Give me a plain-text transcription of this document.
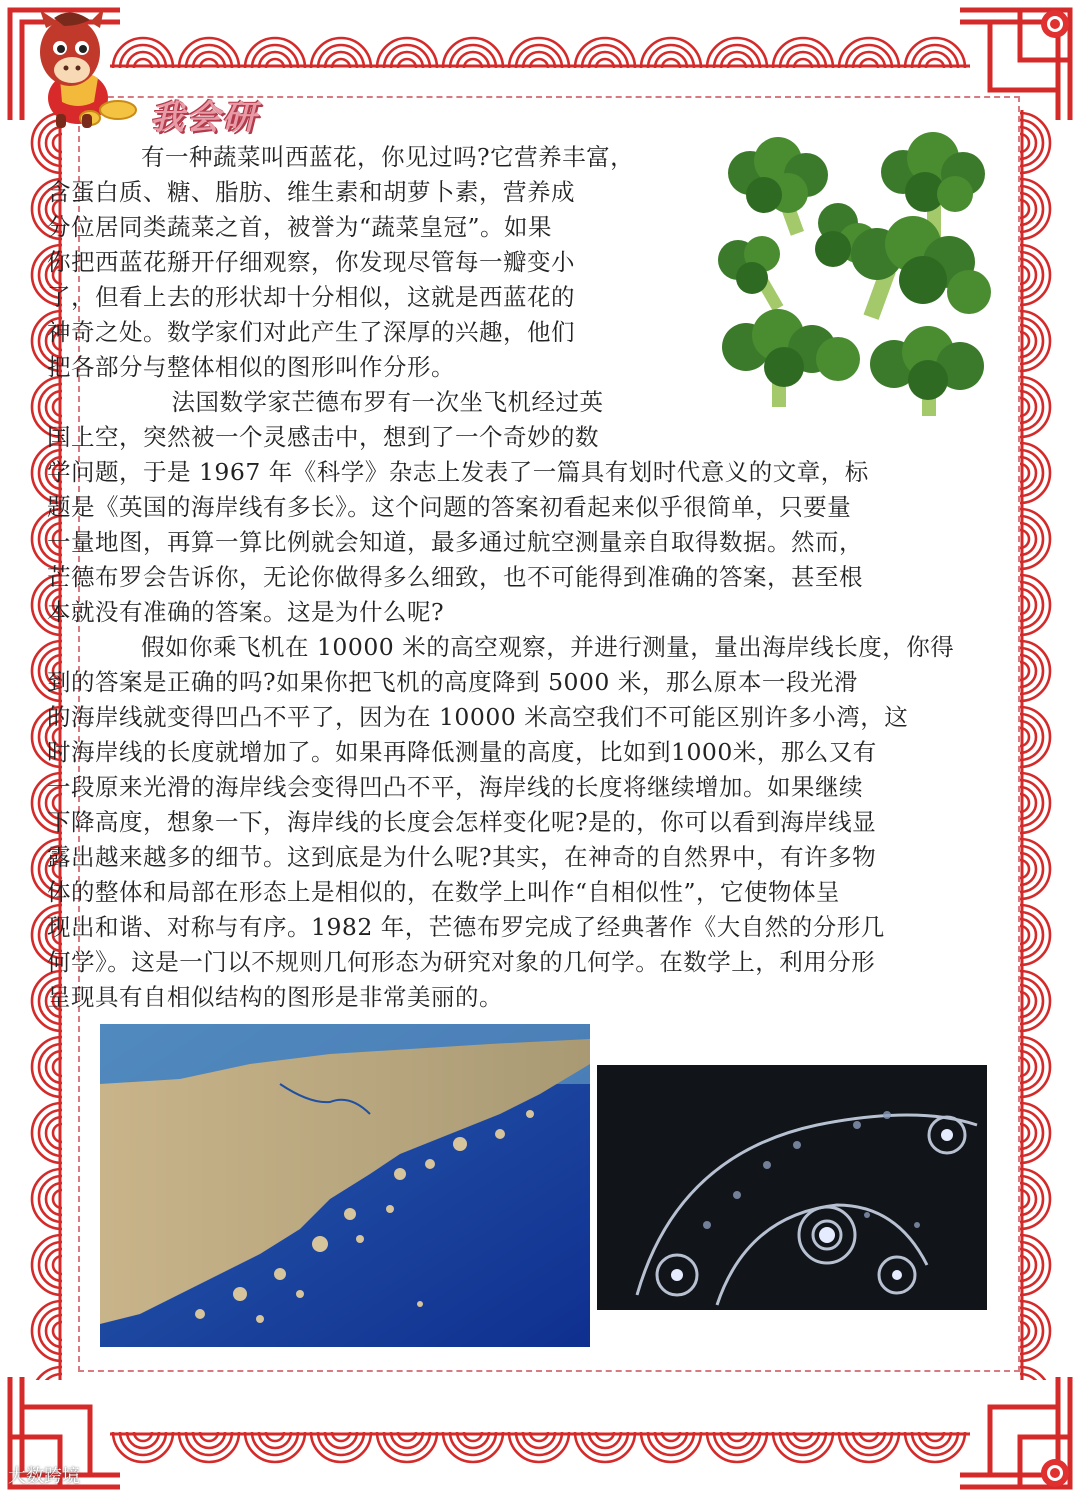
我会研

有一种蔬菜叫西蓝花，你见过吗?它营养丰富，
含蛋白质、糖、脂肪、维生素和胡萝卜素，营养成
分位居同类蔬菜之首，被誉为“蔬菜皇冠”。如果
你把西蓝花掰开仔细观察，你发现尽管每一瓣变小
了，但看上去的形状却十分相似，这就是西蓝花的
神奇之处。数学家们对此产生了深厚的兴趣，他们
把各部分与整体相似的图形叫作分形。

法国数学家芒德布罗有一次坐飞机经过英
国上空，突然被一个灵感击中，想到了一个奇妙的数
学问题，于是 1967 年《科学》杂志上发表了一篇具有划时代意义的文章，标
题是《英国的海岸线有多长》。这个问题的答案初看起来似乎很简单，只要量
一量地图，再算一算比例就会知道，最多通过航空测量亲自取得数据。然而，
芒德布罗会告诉你，无论你做得多么细致，也不可能得到准确的答案，甚至根
本就没有准确的答案。这是为什么呢?

假如你乘飞机在 10000 米的高空观察，并进行测量，量出海岸线长度，你得
到的答案是正确的吗?如果你把飞机的高度降到 5000 米，那么原本一段光滑
的海岸线就变得凹凸不平了，因为在 10000 米高空我们不可能区别许多小湾，这
时海岸线的长度就增加了。如果再降低测量的高度，比如到1000米，那么又有
一段原来光滑的海岸线会变得凹凸不平，海岸线的长度将继续增加。如果继续
下降高度，想象一下，海岸线的长度会怎样变化呢?是的，你可以看到海岸线显
露出越来越多的细节。这到底是为什么呢?其实，在神奇的自然界中，有许多物
体的整体和局部在形态上是相似的，在数学上叫作“自相似性”，它使物体呈
现出和谐、对称与有序。1982 年，芒德布罗完成了经典著作《大自然的分形几
何学》。这是一门以不规则几何形态为研究对象的几何学。在数学上，利用分形
呈现具有自相似结构的图形是非常美丽的。

大数跨境
